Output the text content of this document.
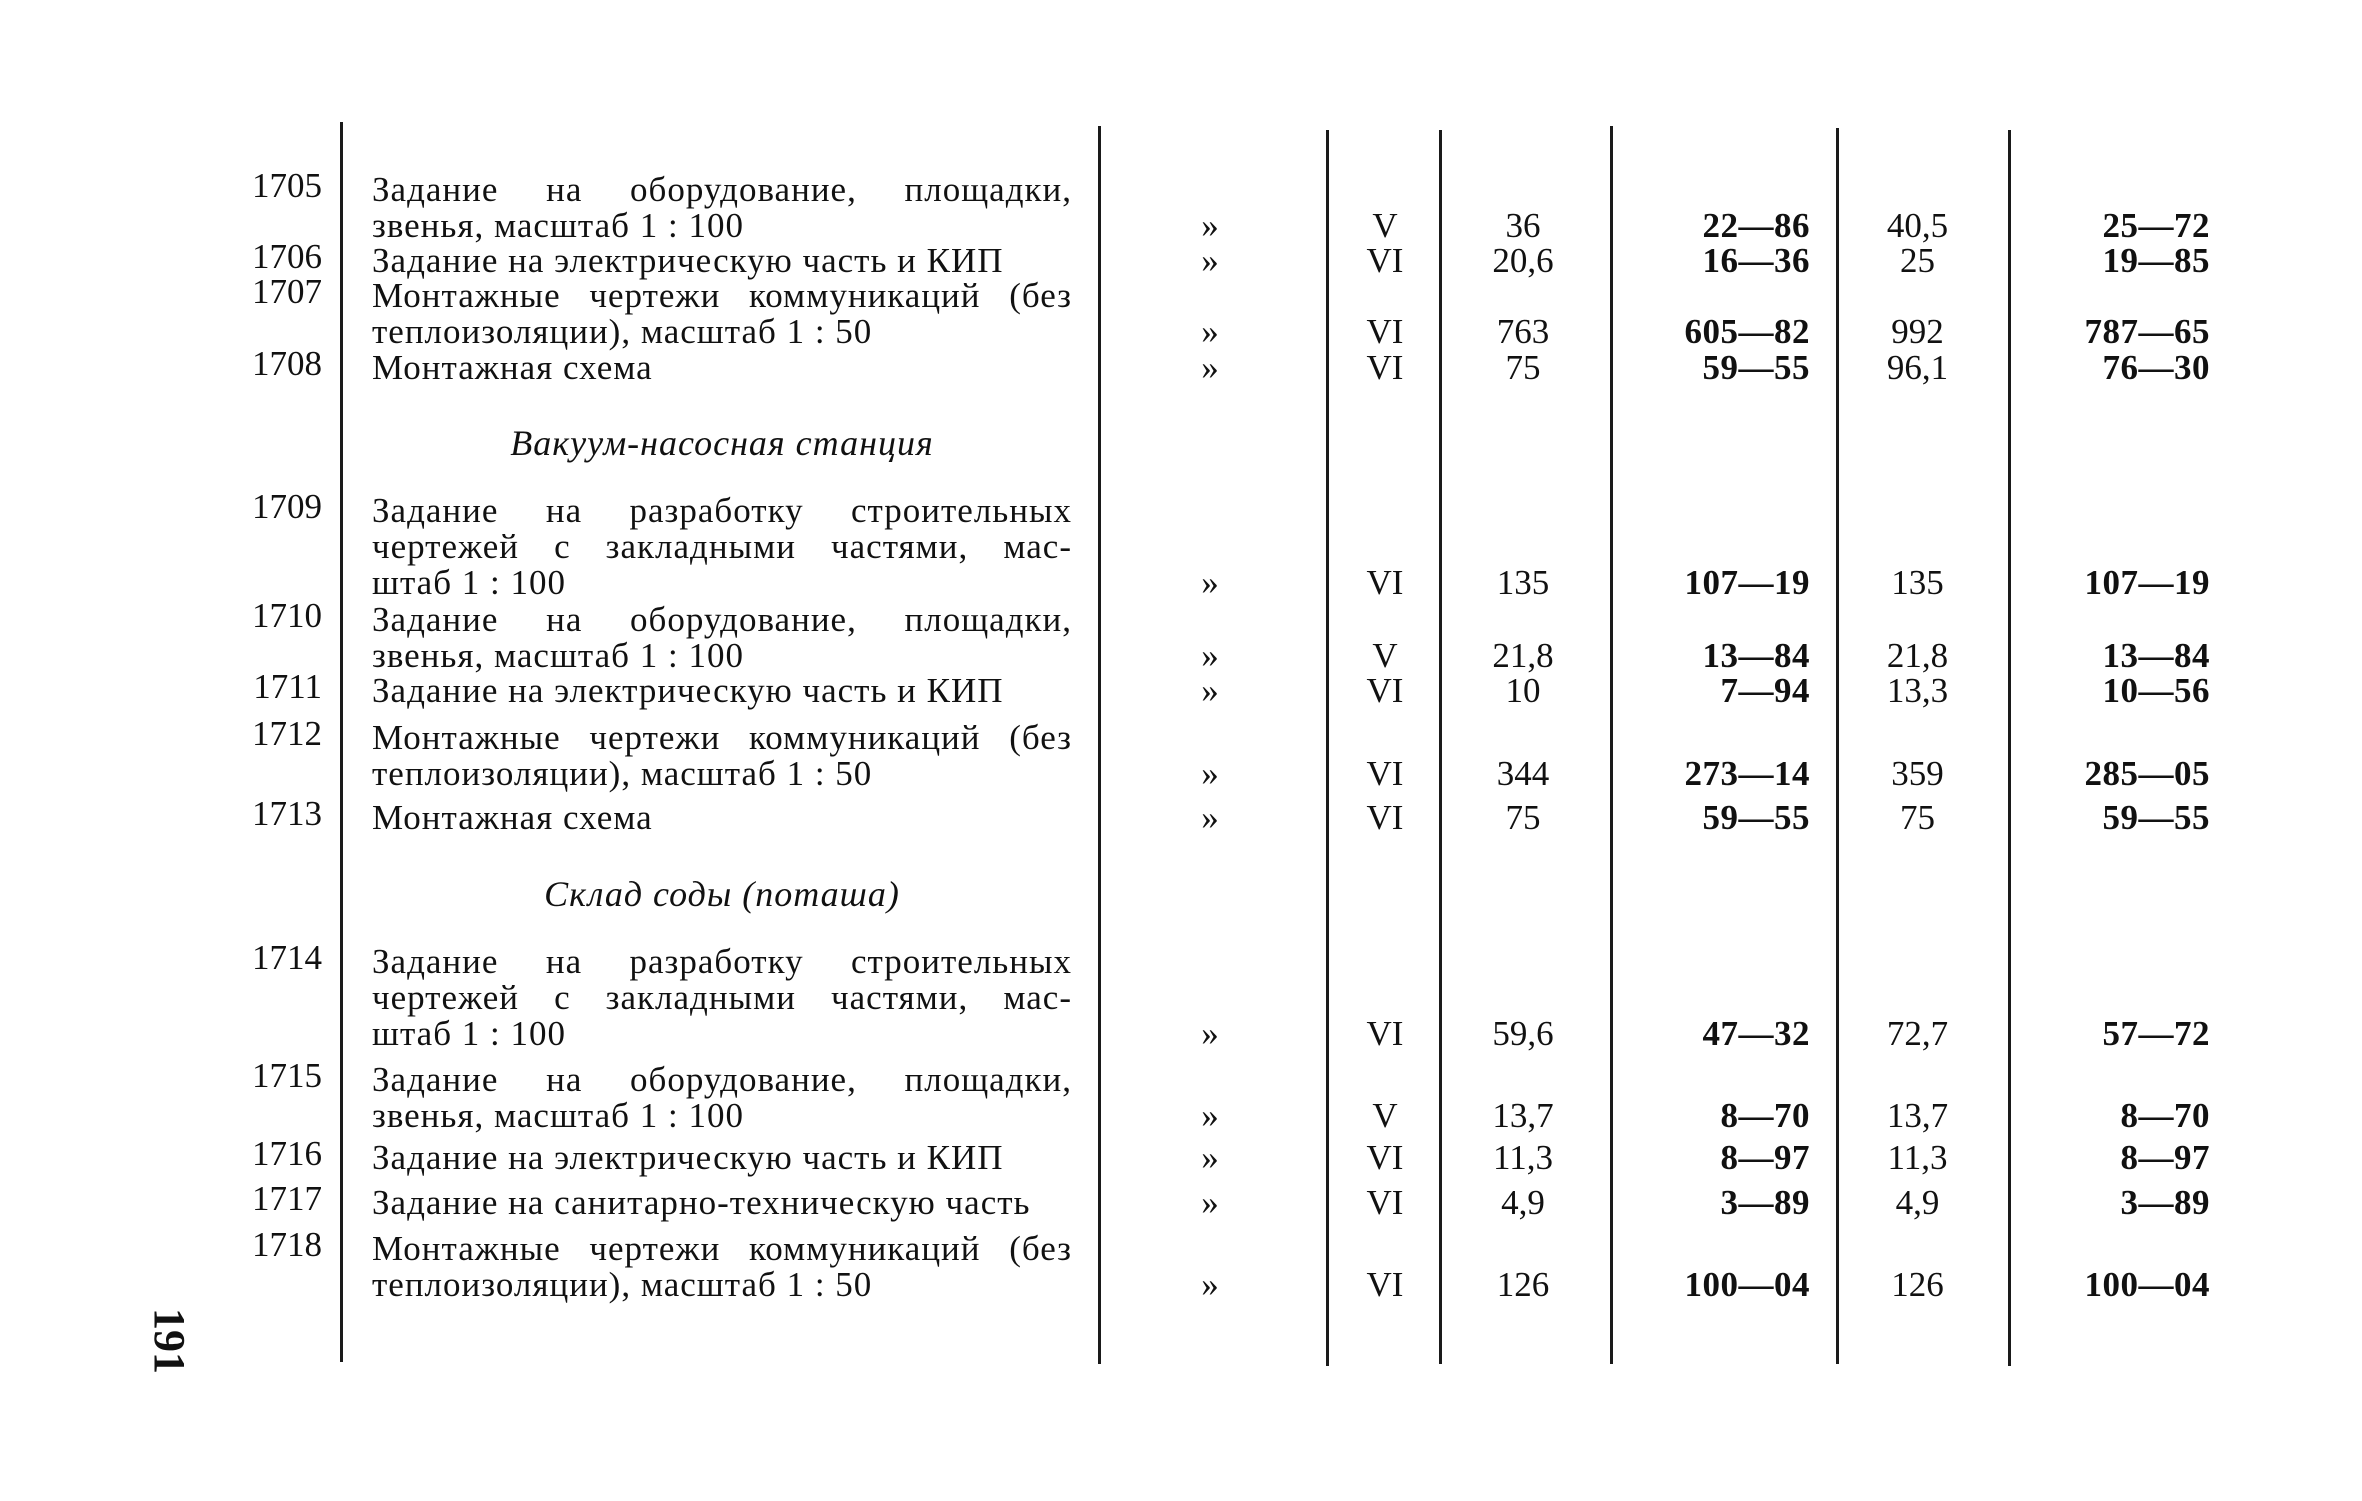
Вакуум-насосная станция
Склад соды (поташа)
1705 Задание на оборудование, площадки,
звенья, масштаб 1 : 100	»	V	36	22—86	40,5	25—72
1706 Задание на электрическую часть и КИП	»	VI	20,6	16—36	25	19—85
1707 Монтажные чертежи коммуникаций (без
теплоизоляции), масштаб 1 : 50	»	VI	763	605—82	992	787—65
1708 Монтажная схема	»	VI	75	59—55	96,1	76—30
1709 Задание на разработку строительных
чертежей с закладными частями, мас-
штаб 1 : 100	»	VI	135	107—19	135	107—19
1710 Задание на оборудование, площадки,
звенья, масштаб 1 : 100	»	V	21,8	13—84	21,8	13—84
1711 Задание на электрическую часть и КИП	»	VI	10	7—94	13,3	10—56
1712 Монтажные чертежи коммуникаций (без
теплоизоляции), масштаб 1 : 50	»	VI	344	273—14	359	285—05
1713 Монтажная схема	»	VI	75	59—55	75	59—55
1714 Задание на разработку строительных
чертежей с закладными частями, мас-
штаб 1 : 100	»	VI	59,6	47—32	72,7	57—72
1715 Задание на оборудование, площадки,
звенья, масштаб 1 : 100	»	V	13,7	8—70	13,7	8—70
1716 Задание на электрическую часть и КИП	»	VI	11,3	8—97	11,3	8—97
1717 Задание на санитарно-техническую часть	»	VI	4,9	3—89	4,9	3—89
1718 Монтажные чертежи коммуникаций (без
теплоизоляции), масштаб 1 : 50	»	VI	126	100—04	126	100—04
191
